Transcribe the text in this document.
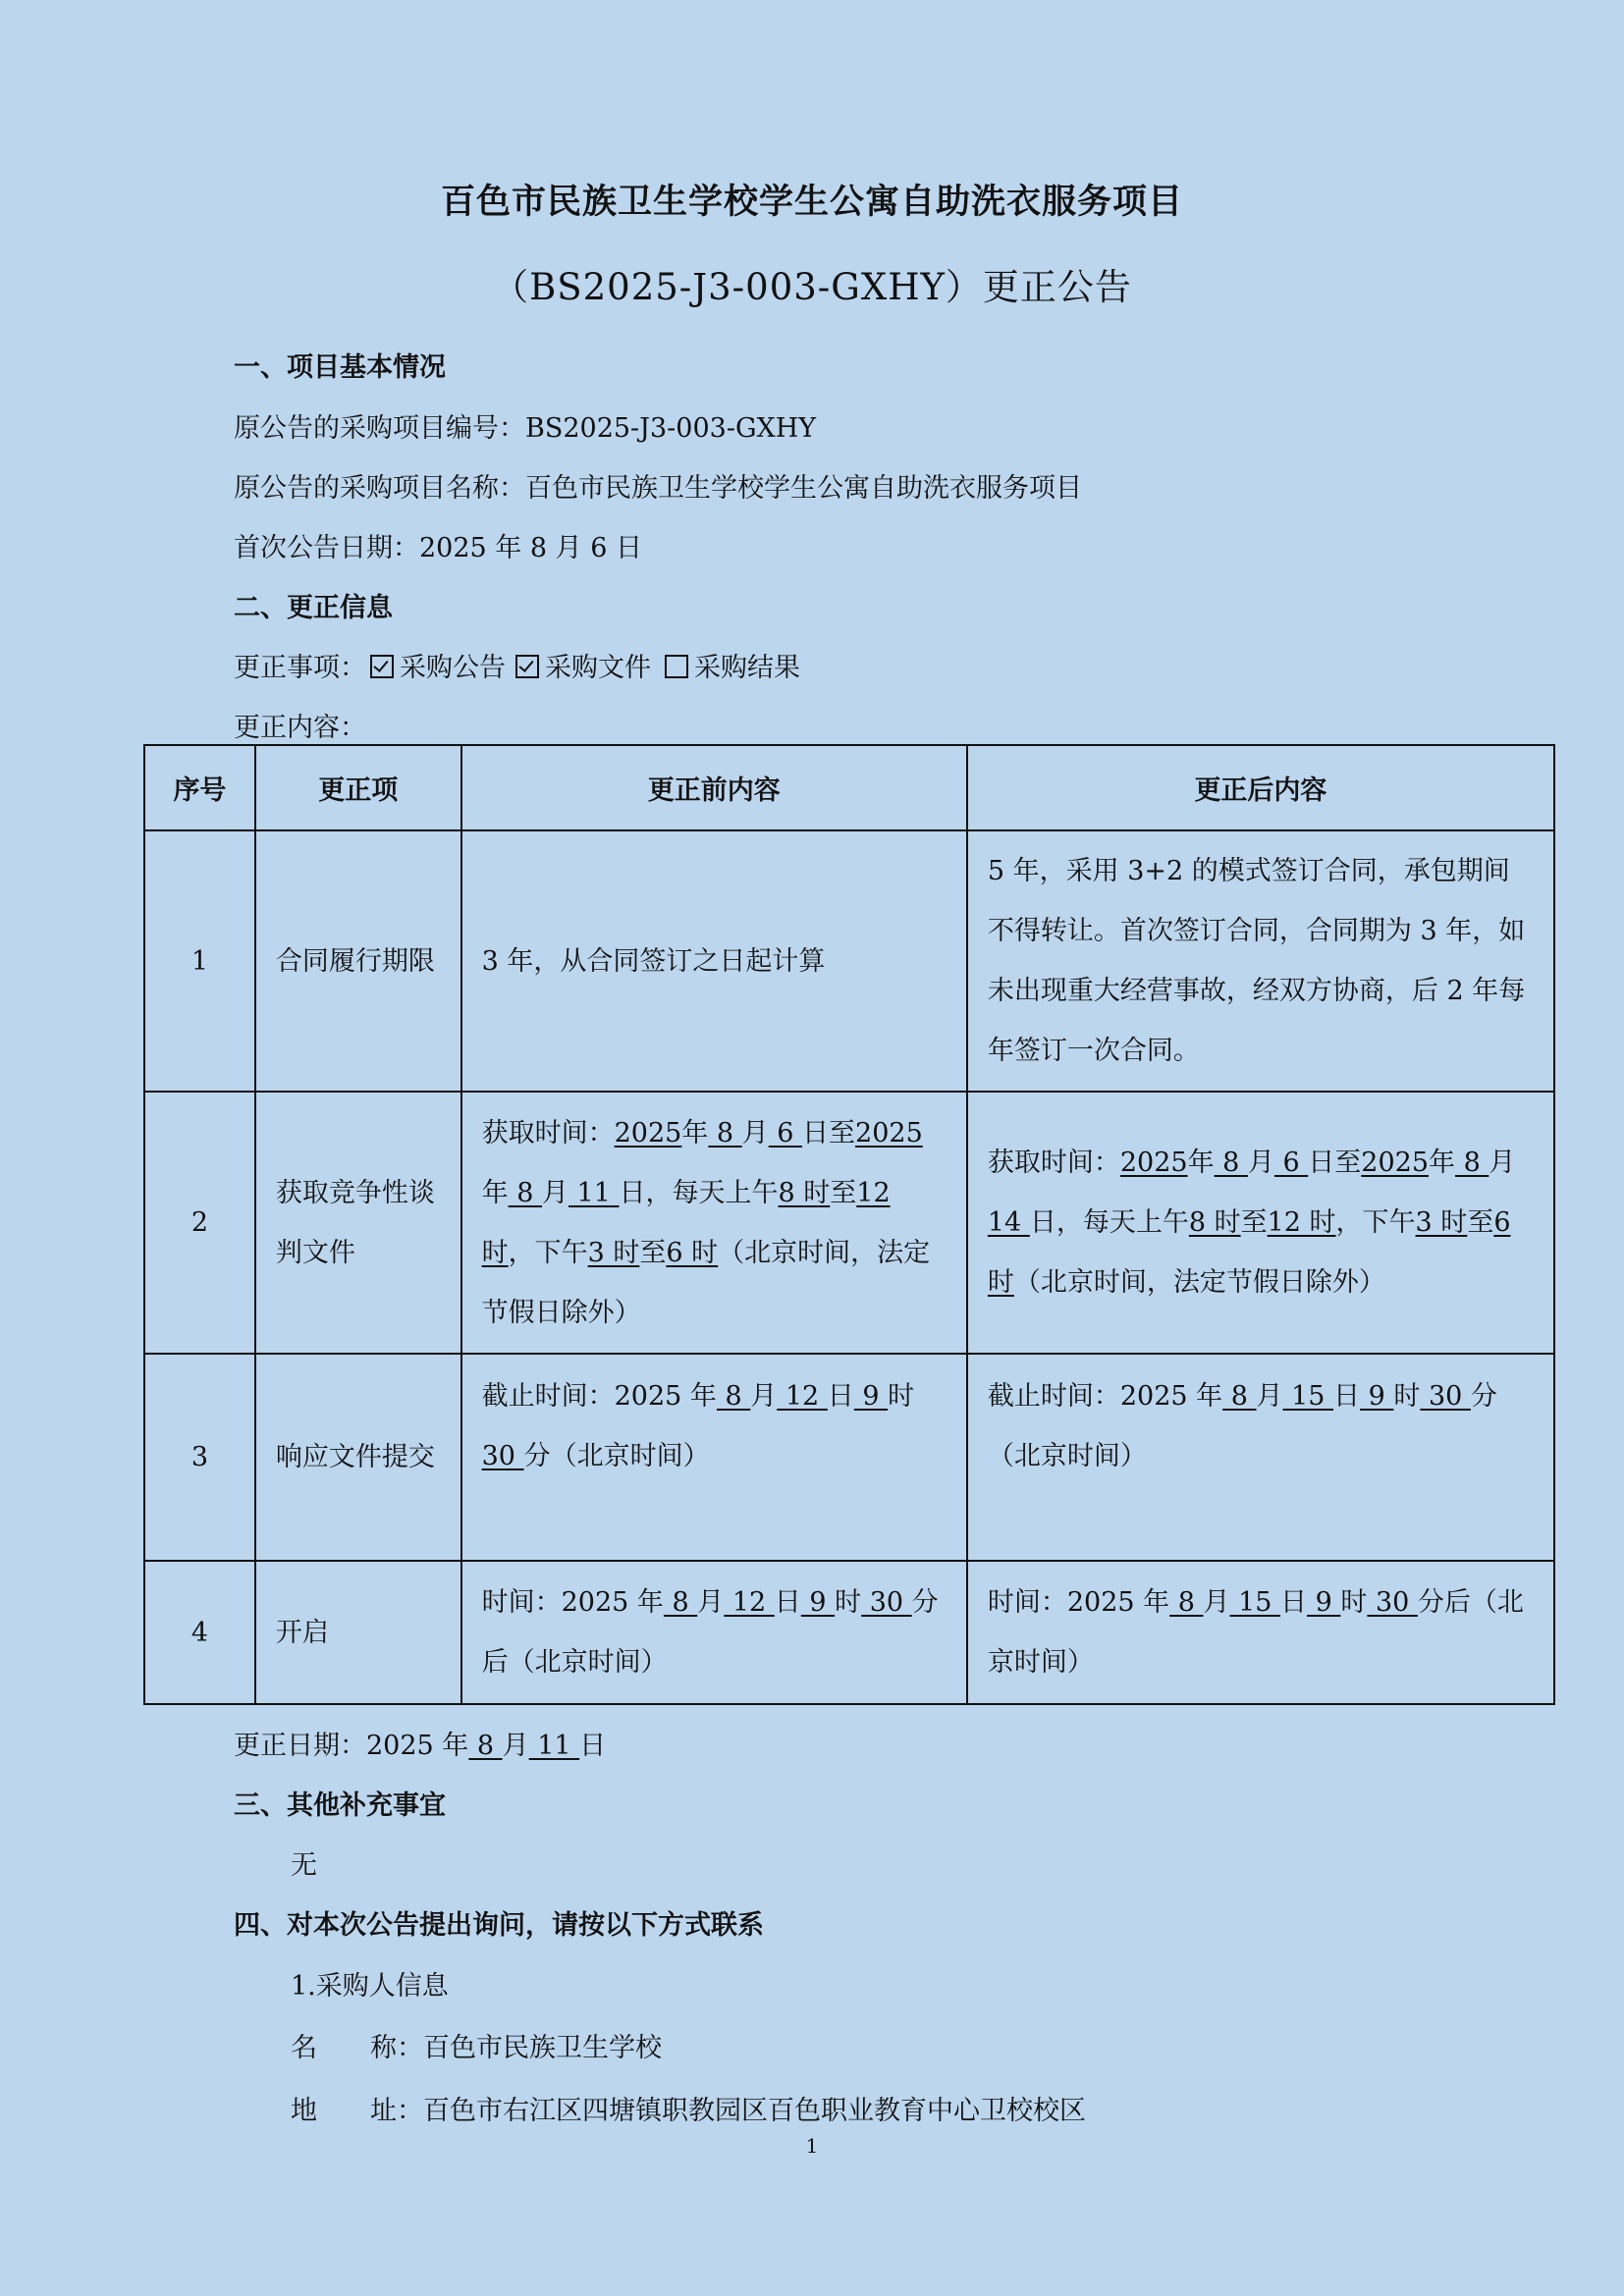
百色市民族卫生学校学生公寓自助洗衣服务项目
（BS2025-J3-003-GXHY）更正公告
一、项目基本情况
原公告的采购项目编号：BS2025-J3-003-GXHY
原公告的采购项目名称：百色市民族卫生学校学生公寓自助洗衣服务项目
首次公告日期：2025 年 8 月 6 日
二、更正信息
更正事项： 采购公告 采购文件 采购结果
更正内容：
序号	更正项	更正前内容	更正后内容
1	合同履行期限	3 年，从合同签订之日起计算	5 年，采用 3+2 的模式签订合同，承包期间不得转让。首次签订合同，合同期为 3 年，如未出现重大经营事故，经双方协商，后 2 年每年签订一次合同。
2	获取竞争性谈判文件	获取时间：2025年 8 月 6 日至2025年 8 月 11 日，每天上午8 时至12 时，下午3 时至6 时（北京时间，法定节假日除外）	获取时间：2025年 8 月 6 日至2025年 8 月 14 日，每天上午8 时至12 时，下午3 时至6 时（北京时间，法定节假日除外）
3	响应文件提交	截止时间：2025 年 8 月 12 日 9 时 30 分（北京时间）	截止时间：2025 年 8 月 15 日 9 时 30 分（北京时间）
4	开启	时间：2025 年 8 月 12 日 9 时 30 分后（北京时间）	时间：2025 年 8 月 15 日 9 时 30 分后（北京时间）
更正日期：2025 年 8 月 11 日
三、其他补充事宜
无
四、对本次公告提出询问，请按以下方式联系
1.采购人信息
名　　称：百色市民族卫生学校
地　　址：百色市右江区四塘镇职教园区百色职业教育中心卫校校区
1
